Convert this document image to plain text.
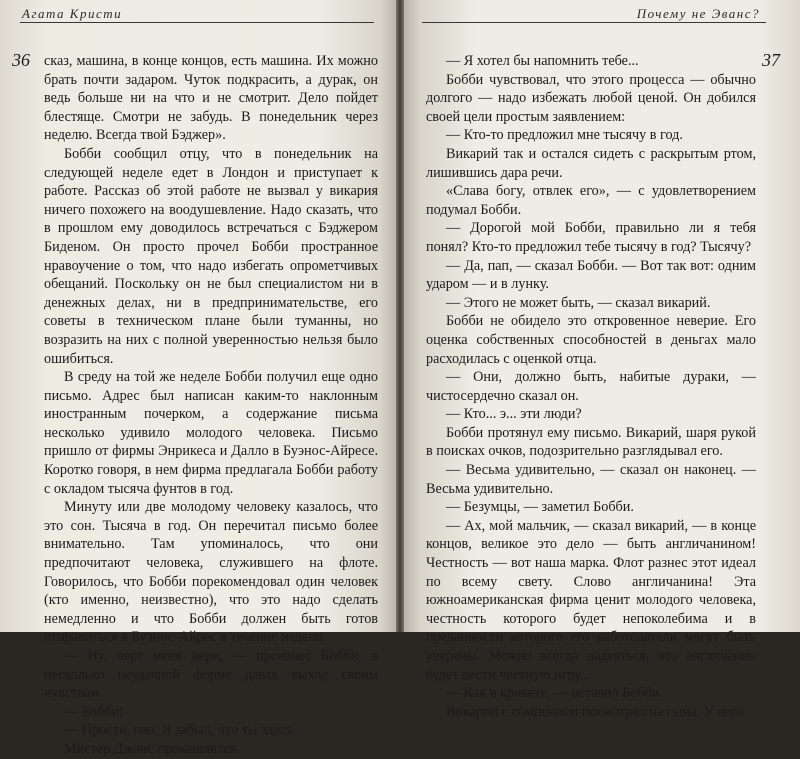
Агата Кристи
36 сказ, машина, в конце концов, есть машина. Их можно брать почти задаром. Чуток подкрасить, а дурак, он ведь больше ни на что и не смотрит. Дело пойдет блестяще. Смотри не забудь. В понедельник через неделю. Всегда твой Бэджер».

Бобби сообщил отцу, что в понедельник на следующей неделе едет в Лондон и приступает к работе. Рассказ об этой работе не вызвал у викария ничего похожего на воодушевление. Надо сказать, что в прошлом ему доводилось встречаться с Бэджером Биденом. Он просто прочел Бобби пространное нравоучение о том, что надо избегать опрометчивых обещаний. Поскольку он не был специалистом ни в денежных делах, ни в предпринимательстве, его советы в техническом плане были туманны, но возразить на них с полной уверенностью нельзя было ошибиться.

В среду на той же неделе Бобби получил еще одно письмо. Адрес был написан каким-то наклонным иностранным почерком, а содержание письма несколько удивило молодого человека. Письмо пришло от фирмы Энрикеса и Далло в Буэнос-Айресе. Коротко говоря, в нем фирма предлагала Бобби работу с окладом тысяча фунтов в год.

Минуту или две молодому человеку казалось, что это сон. Тысяча в год. Он перечитал письмо более внимательно. Там упоминалось, что они предпочитают человека, служившего на флоте. Говорилось, что Бобби порекомендовал один человек (кто именно, неизвестно), что это надо сделать немедленно и что Бобби должен быть готов отправиться в Буэнос-Айрес в течение недели.

— Ну, черт меня дери, — произнес Бобби, в несколько неудачной форме давая выход своим чувствам.

— Бобби!

— Прости, пап. Я забыл, что ты здесь.

Мистер Джонс прокашлялся.

Почему не Эванс?
37

— Я хотел бы напомнить тебе...

Бобби чувствовал, что этого процесса — обычно долгого — надо избежать любой ценой. Он добился своей цели простым заявлением:

— Кто-то предложил мне тысячу в год.

Викарий так и остался сидеть с раскрытым ртом, лишившись дара речи.

«Слава богу, отвлек его», — с удовлетворением подумал Бобби.

— Дорогой мой Бобби, правильно ли я тебя понял? Кто-то предложил тебе тысячу в год? Тысячу?

— Да, пап, — сказал Бобби. — Вот так вот: одним ударом — и в лунку.

— Этого не может быть, — сказал викарий.

Бобби не обидело это откровенное неверие. Его оценка собственных способностей в деньгах мало расходилась с оценкой отца.

— Они, должно быть, набитые дураки, — чистосердечно сказал он.

— Кто... э... эти люди?

Бобби протянул ему письмо. Викарий, шаря рукой в поисках очков, подозрительно разглядывал его.

— Весьма удивительно, — сказал он наконец. — Весьма удивительно.

— Безумцы, — заметил Бобби.

— Ах, мой мальчик, — сказал викарий, — в конце концов, великое это дело — быть англичанином! Честность — вот наша марка. Флот разнес этот идеал по всему свету. Слово англичанина! Эта южноамериканская фирма ценит молодого человека, честность которого будет непоколебима и в преданности которого его работодатели могут быть уверены. Можно всегда надеяться, что англичанин будет вести честную игру...

— Как в крикете, — вставил Бобби.

Викарий с сомнением посмотрел на сына. У него
